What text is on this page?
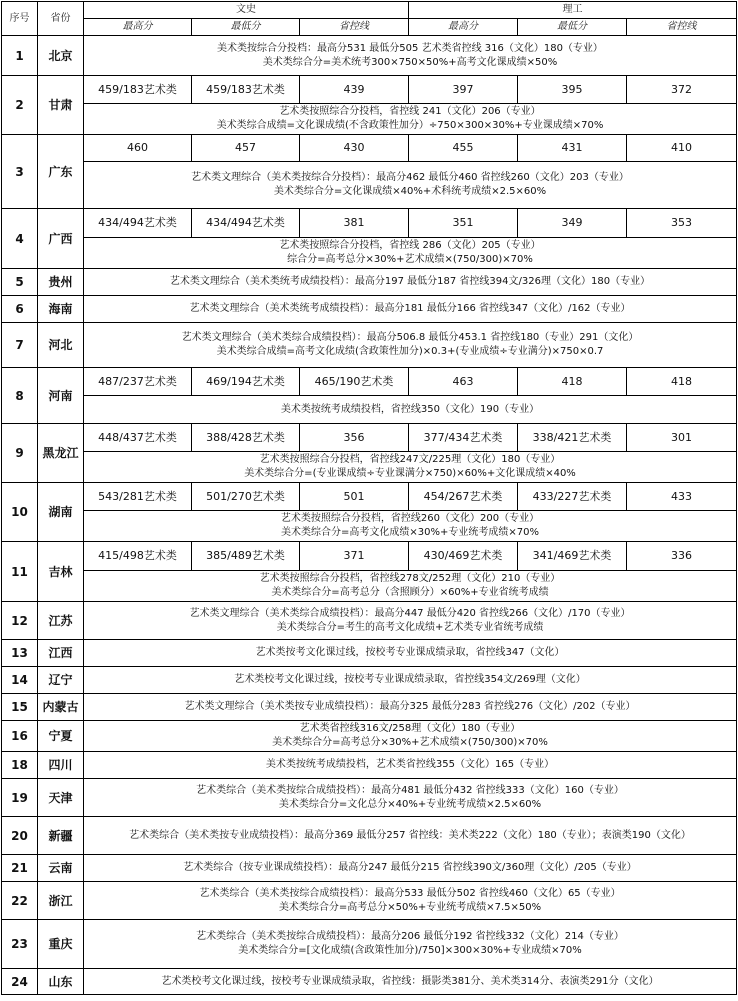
序号	省份	文史			理工		
		最高分	最低分	省控线	最高分	最低分	省控线
1	北京	美术类按综合分投档：最高分531 最低分505 艺术类省控线 316（文化）180（专业）
美术类综合分=美术统考300×750×50%+高考文化课成绩×50%					

2	甘肃	459/183艺术类	459/183艺术类	439	397	395	372

		艺术类按照综合分投档，省控线 241（文化）206（专业）
美术类综合成绩=文化课成绩(不含政策性加分）÷750×300×30%+专业课成绩×70%					

3	广东	460	457	430	455	431	410

		艺术类文理综合（美术类按综合分投档）：最高分462 最低分460 省控线260（文化）203（专业）
美术类综合分=文化课成绩×40%+术科统考成绩×2.5×60%					

4	广西	434/494艺术类	434/494艺术类	381	351	349	353

		艺术类按照综合分投档，省控线 286（文化）205（专业）
综合分=高考总分×30%+艺术成绩×(750/300)×70%					

5	贵州	艺术类文理综合（美术类统考成绩投档）：最高分197 最低分187 省控线394文/326理（文化）180（专业）					

6	海南	艺术类文理综合（美术类统考成绩投档）：最高分181 最低分166 省控线347（文化）/162（专业）					

7	河北	艺术类文理综合（美术类综合成绩投档）：最高分506.8 最低分453.1 省控线180（专业）291（文化）
美术类综合成绩=高考文化成绩(含政策性加分)×0.3+(专业成绩÷专业满分)×750×0.7					

8	河南	487/237艺术类	469/194艺术类	465/190艺术类	463	418	418

		美术类按统考成绩投档，省控线350（文化）190（专业）					

9	黑龙江	448/437艺术类	388/428艺术类	356	377/434艺术类	338/421艺术类	301

		艺术类按照综合分投档，省控线247文/225理（文化）180（专业）
美术类综合分=(专业课成绩÷专业课满分×750)×60%+文化课成绩×40%					

10	湖南	543/281艺术类	501/270艺术类	501	454/267艺术类	433/227艺术类	433

		艺术类按照综合分投档，省控线260（文化）200（专业）
美术类综合分=高考文化成绩×30%+专业统考成绩×70%					

11	吉林	415/498艺术类	385/489艺术类	371	430/469艺术类	341/469艺术类	336

		艺术类按照综合分投档，省控线278文/252理（文化）210（专业）
美术类综合分=高考总分（含照顾分）×60%+专业省统考成绩					

12	江苏	艺术类文理综合（美术类综合成绩投档）：最高分447 最低分420 省控线266（文化）/170（专业）
美术类综合分=考生的高考文化成绩+艺术类专业省统考成绩					

13	江西	艺术类按考文化课过线，按校考专业课成绩录取，省控线347（文化）					

14	辽宁	艺术类校考文化课过线，按校考专业课成绩录取，省控线354文/269理（文化）					

15	内蒙古	艺术类文理综合（美术类按专业成绩投档）：最高分325 最低分283 省控线276（文化）/202（专业）					

16	宁夏	艺术类省控线316文/258理（文化）180（专业）
美术类综合分=高考总分×30%+艺术成绩×(750/300)×70%					

18	四川	美术类按统考成绩投档，艺术类省控线355（文化）165（专业）					

19	天津	艺术类综合（美术类按综合成绩投档）：最高分481 最低分432 省控线333（文化）160（专业）
美术类综合分=文化总分×40%+专业统考成绩×2.5×60%					

20	新疆	艺术类综合（美术类按专业成绩投档）：最高分369 最低分257 省控线：美术类222（文化）180（专业）；表演类190（文化）					

21	云南	艺术类综合（按专业课成绩投档）：最高分247 最低分215 省控线390文/360理（文化）/205（专业）					

22	浙江	艺术类综合（美术类按综合成绩投档）：最高分533 最低分502 省控线460（文化）65（专业）
美术类综合分=高考总分×50%+专业统考成绩×7.5×50%					

23	重庆	艺术类综合（美术类按综合成绩投档）：最高分206 最低分192 省控线332（文化）214（专业）
美术类综合分=[文化成绩(含政策性加分)/750]×300×30%+专业成绩×70%					

24	山东	艺术类校考文化课过线，按校考专业课成绩录取，省控线：摄影类381分、美术类314分、表演类291分（文化）					
